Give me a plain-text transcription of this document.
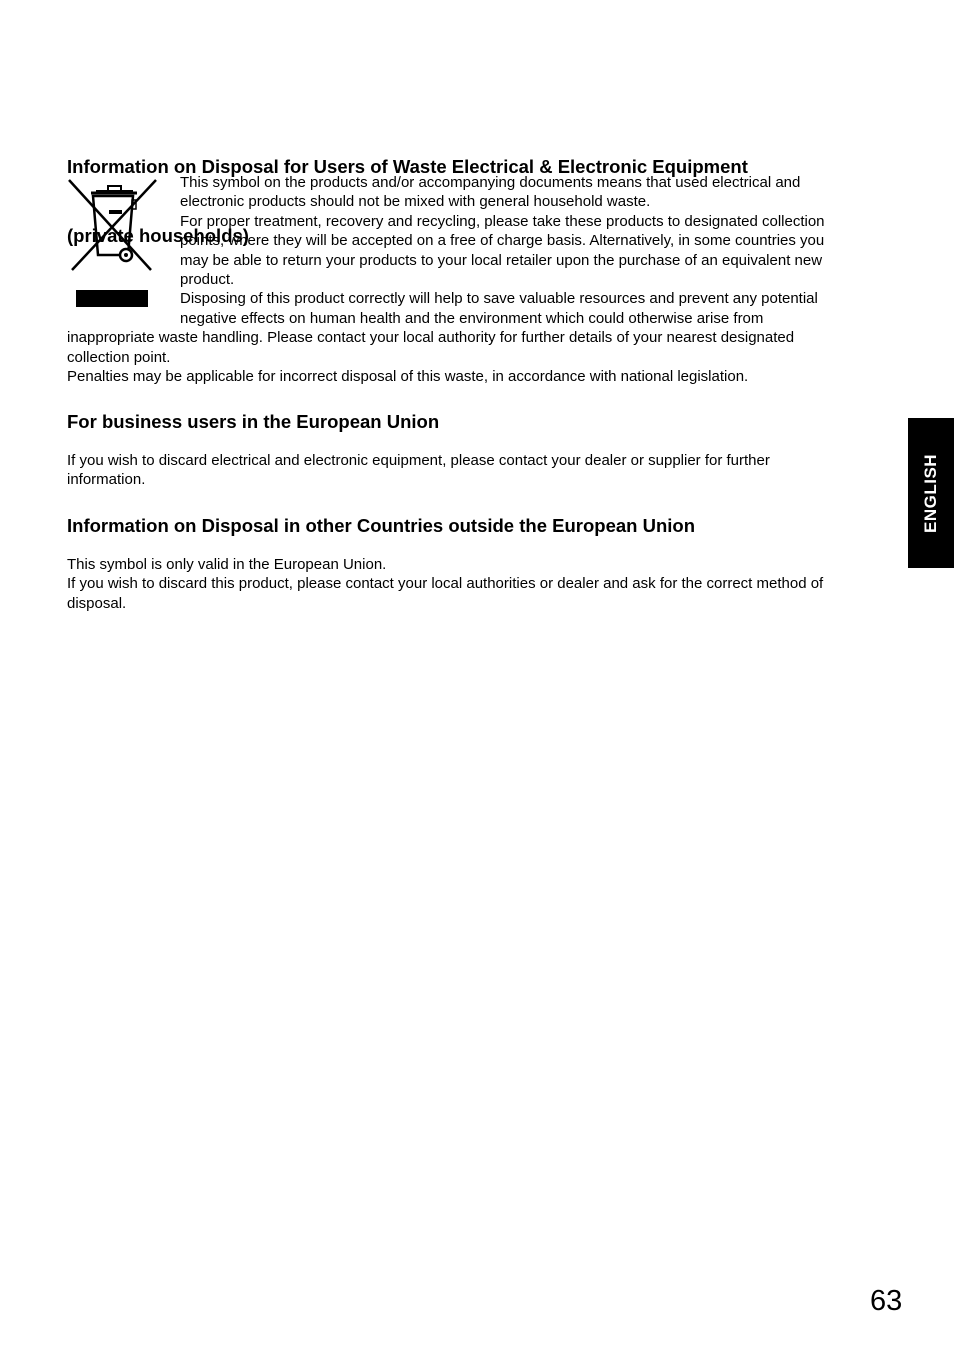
Information on Disposal for Users of Waste Electrical & Electronic Equipment

(private households)

This symbol on the products and/or accompanying documents means that used electrical and
electronic products should not be mixed with general household waste.
For proper treatment, recovery and recycling, please take these products to designated collection
points, where they will be accepted on a free of charge basis. Alternatively, in some countries you
may be able to return your products to your local retailer upon the purchase of an equivalent new
product.
Disposing of this product correctly will help to save valuable resources and prevent any potential
negative effects on human health and the environment which could otherwise arise from
inappropriate waste handling. Please contact your local authority for further details of your nearest designated
collection point.
Penalties may be applicable for incorrect disposal of this waste, in accordance with national legislation.
For business users in the European Union
If you wish to discard electrical and electronic equipment, please contact your dealer or supplier for further
information.
Information on Disposal in other Countries outside the European Union
This symbol is only valid in the European Union.
If you wish to discard this product, please contact your local authorities or dealer and ask for the correct method of
disposal.
ENGLISH
63
